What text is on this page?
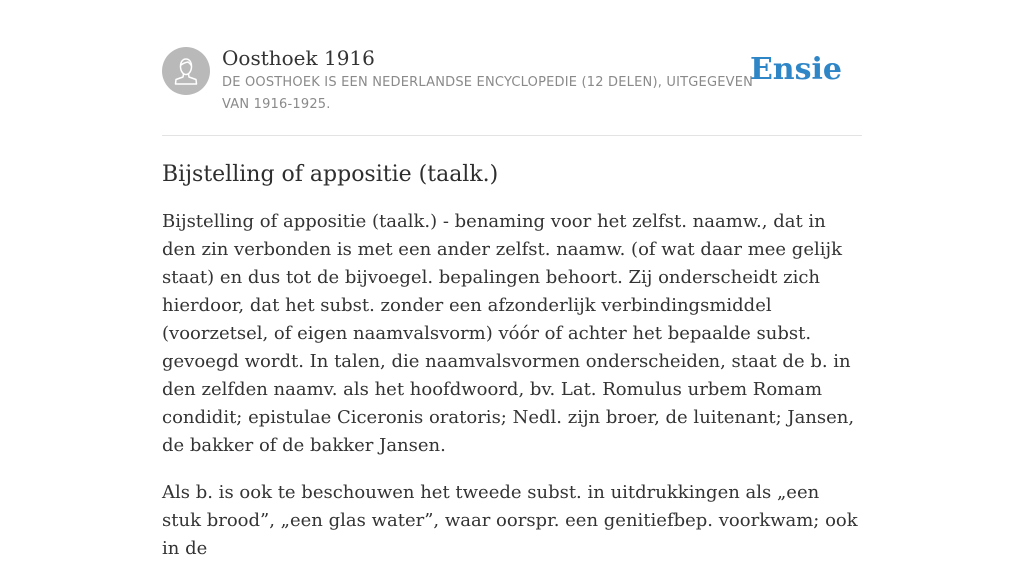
Oosthoek 1916
DE OOSTHOEK IS EEN NEDERLANDSE ENCYCLOPEDIE (12 DELEN), UITGEGEVEN VAN 1916-1925.
Ensie
Bijstelling of appositie (taalk.)

Bijstelling of appositie (taalk.) - benaming voor het zelfst. naamw., dat in den zin verbonden is met een ander zelfst. naamw. (of wat daar mee gelijk staat) en dus tot de bijvoegel. bepalingen behoort. Zij onderscheidt zich hierdoor, dat het subst. zonder een afzonderlijk verbindingsmiddel (voorzetsel, of eigen naamvalsvorm) vóór of achter het bepaalde subst. gevoegd wordt. In talen, die naamvalsvormen onderscheiden, staat de b. in den zelfden naamv. als het hoofdwoord, bv. Lat. Romulus urbem Romam condidit; epistulae Ciceronis oratoris; Nedl. zijn broer, de luitenant; Jansen, de bakker of de bakker Jansen.

Als b. is ook te beschouwen het tweede subst. in uitdrukkingen als „een stuk brood”, „een glas water”, waar oorspr. een genitiefbep. voorkwam; ook in de
